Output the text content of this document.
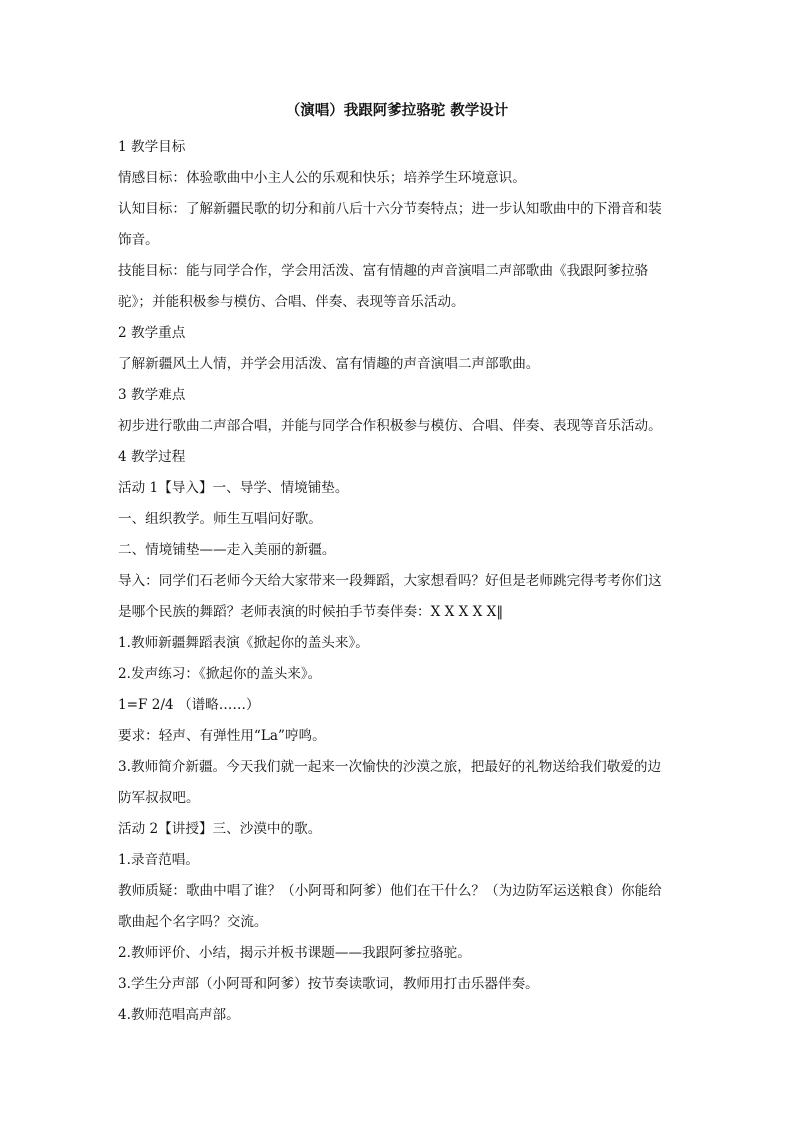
（演唱）我跟阿爹拉骆驼 教学设计

1 教学目标

情感目标：体验歌曲中小主人公的乐观和快乐；培养学生环境意识。

认知目标：了解新疆民歌的切分和前八后十六分节奏特点；进一步认知歌曲中的下滑音和装

饰音。

技能目标：能与同学合作，学会用活泼、富有情趣的声音演唱二声部歌曲《我跟阿爹拉骆

驼》；并能积极参与模仿、合唱、伴奏、表现等音乐活动。

2 教学重点

了解新疆风土人情，并学会用活泼、富有情趣的声音演唱二声部歌曲。

3 教学难点

初步进行歌曲二声部合唱，并能与同学合作积极参与模仿、合唱、伴奏、表现等音乐活动。

4 教学过程

活动 1【导入】一、导学、情境铺垫。

一、组织教学。师生互唱问好歌。

二、情境铺垫——走入美丽的新疆。

导入：同学们石老师今天给大家带来一段舞蹈，大家想看吗？好但是老师跳完得考考你们这

是哪个民族的舞蹈？老师表演的时候拍手节奏伴奏：X X X X X‖

1.教师新疆舞蹈表演《掀起你的盖头来》。

2.发声练习：《掀起你的盖头来》。

1=F 2/4 （谱略……）

要求：轻声、有弹性用“La”哼鸣。

3.教师简介新疆。今天我们就一起来一次愉快的沙漠之旅，把最好的礼物送给我们敬爱的边

防军叔叔吧。

活动 2【讲授】三、沙漠中的歌。

1.录音范唱。

教师质疑：歌曲中唱了谁？（小阿哥和阿爹）他们在干什么？（为边防军运送粮食）你能给

歌曲起个名字吗？交流。

2.教师评价、小结，揭示并板书课题——我跟阿爹拉骆驼。

3.学生分声部（小阿哥和阿爹）按节奏读歌词，教师用打击乐器伴奏。

4.教师范唱高声部。
